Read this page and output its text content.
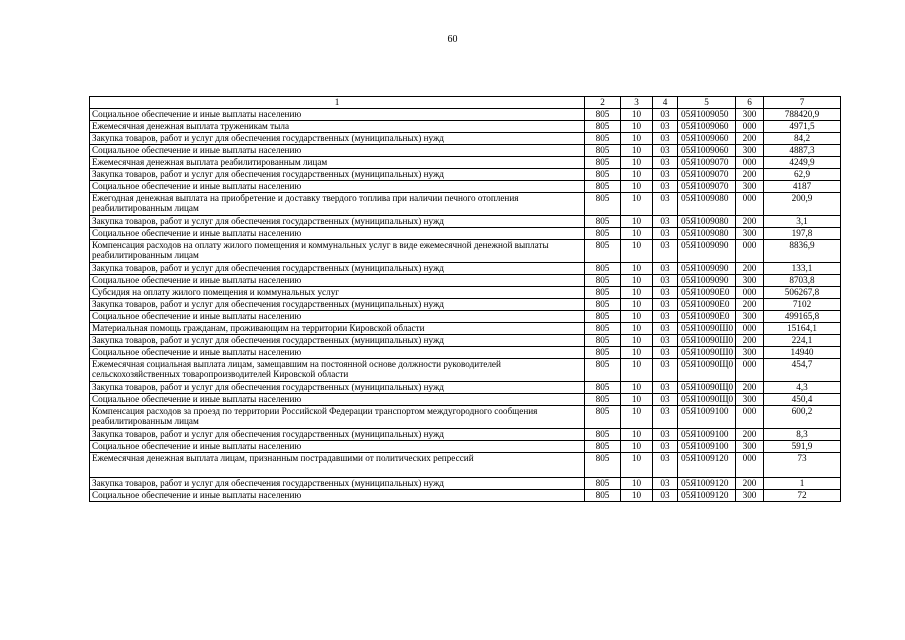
60
1	2	3	4	5	6	7
Социальное обеспечение и иные выплаты населению	805	10	03	05Я1009050	300	788420,9
Ежемесячная денежная выплата труженикам тыла	805	10	03	05Я1009060	000	4971,5
Закупка товаров, работ и услуг для обеспечения государственных (муниципальных) нужд	805	10	03	05Я1009060	200	84,2
Социальное обеспечение и иные выплаты населению	805	10	03	05Я1009060	300	4887,3
Ежемесячная денежная выплата реабилитированным лицам	805	10	03	05Я1009070	000	4249,9
Закупка товаров, работ и услуг для обеспечения государственных (муниципальных) нужд	805	10	03	05Я1009070	200	62,9
Социальное обеспечение и иные выплаты населению	805	10	03	05Я1009070	300	4187
Ежегодная денежная выплата на приобретение и доставку твердого топлива при наличии печного отопления реабилитированным лицам	805	10	03	05Я1009080	000	200,9
Закупка товаров, работ и услуг для обеспечения государственных (муниципальных) нужд	805	10	03	05Я1009080	200	3,1
Социальное обеспечение и иные выплаты населению	805	10	03	05Я1009080	300	197,8
Компенсация расходов на оплату жилого помещения и коммунальных услуг в виде ежемесячной денежной выплаты реабилитированным лицам	805	10	03	05Я1009090	000	8836,9
Закупка товаров, работ и услуг для обеспечения государственных (муниципальных) нужд	805	10	03	05Я1009090	200	133,1
Социальное обеспечение и иные выплаты населению	805	10	03	05Я1009090	300	8703,8
Субсидия на оплату жилого помещения и коммунальных услуг	805	10	03	05Я10090Е0	000	506267,8
Закупка товаров, работ и услуг для обеспечения государственных (муниципальных) нужд	805	10	03	05Я10090Е0	200	7102
Социальное обеспечение и иные выплаты населению	805	10	03	05Я10090Е0	300	499165,8
Материальная помощь гражданам, проживающим на территории Кировской области	805	10	03	05Я10090Ш0	000	15164,1
Закупка товаров, работ и услуг для обеспечения государственных (муниципальных) нужд	805	10	03	05Я10090Ш0	200	224,1
Социальное обеспечение и иные выплаты населению	805	10	03	05Я10090Ш0	300	14940
Ежемесячная социальная выплата лицам, замещавшим на постоянной основе должности руководителей сельскохозяйственных товаропроизводителей Кировской области	805	10	03	05Я10090Щ0	000	454,7
Закупка товаров, работ и услуг для обеспечения государственных (муниципальных) нужд	805	10	03	05Я10090Щ0	200	4,3
Социальное обеспечение и иные выплаты населению	805	10	03	05Я10090Щ0	300	450,4
Компенсация расходов за проезд по территории Российской Федерации транспортом междугородного сообщения реабилитированным лицам	805	10	03	05Я1009100	000	600,2
Закупка товаров, работ и услуг для обеспечения государственных (муниципальных) нужд	805	10	03	05Я1009100	200	8,3
Социальное обеспечение и иные выплаты населению	805	10	03	05Я1009100	300	591,9
Ежемесячная денежная выплата лицам, признанным пострадавшими от политических репрессий	805	10	03	05Я1009120	000	73
Закупка товаров, работ и услуг для обеспечения государственных (муниципальных) нужд	805	10	03	05Я1009120	200	1
Социальное обеспечение и иные выплаты населению	805	10	03	05Я1009120	300	72
